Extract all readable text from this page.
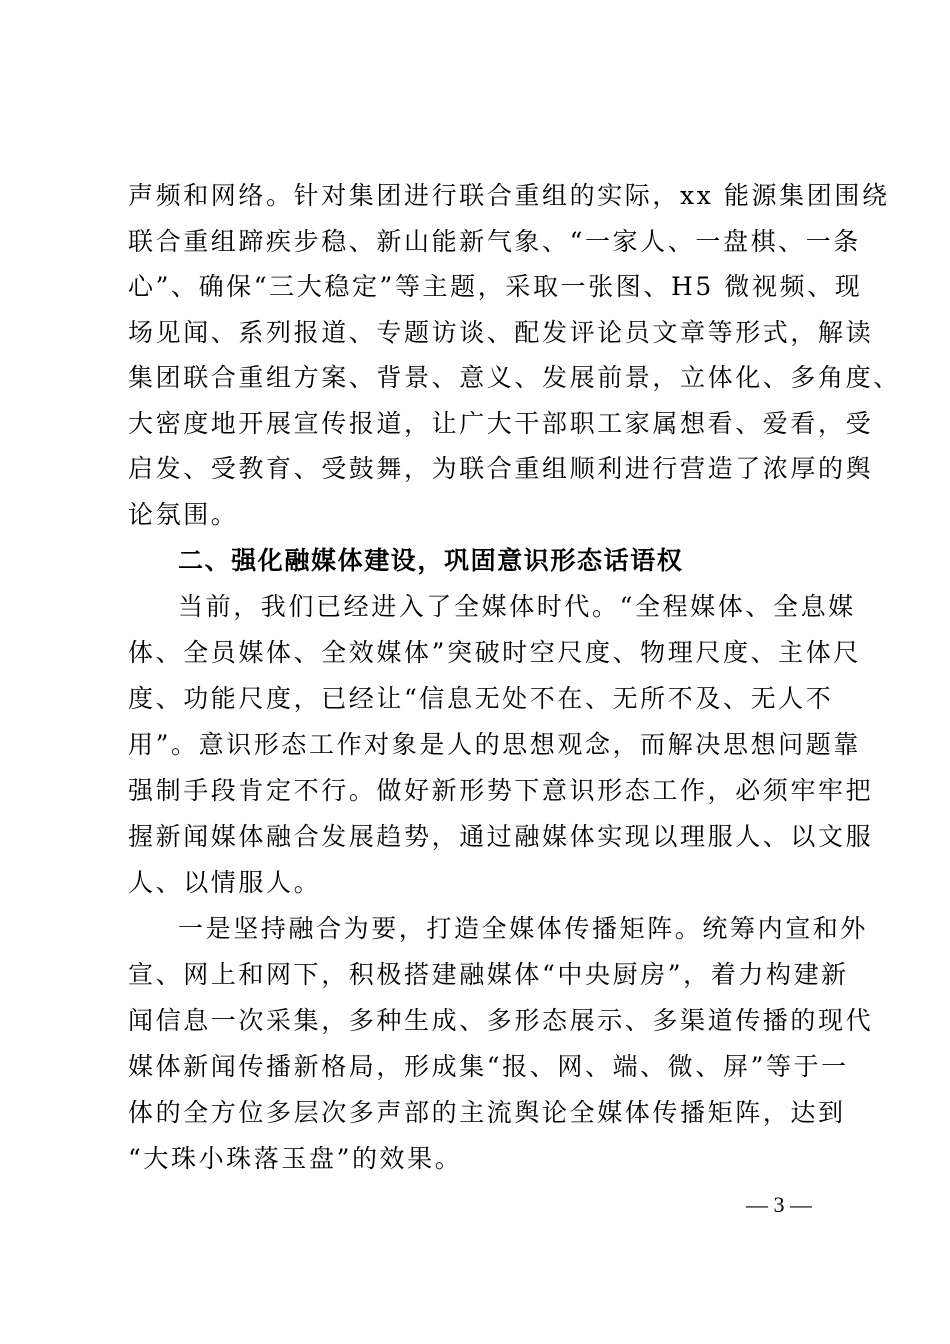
声频和网络。针对集团进行联合重组的实际，xx 能源集团围绕
联合重组蹄疾步稳、新山能新气象、“一家人、一盘棋、一条
心”、确保“三大稳定”等主题，采取一张图、H5 微视频、现
场见闻、系列报道、专题访谈、配发评论员文章等形式，解读
集团联合重组方案、背景、意义、发展前景，立体化、多角度、
大密度地开展宣传报道，让广大干部职工家属想看、爱看，受
启发、受教育、受鼓舞，为联合重组顺利进行营造了浓厚的舆
论氛围。
二、强化融媒体建设，巩固意识形态话语权
当前，我们已经进入了全媒体时代。“全程媒体、全息媒
体、全员媒体、全效媒体”突破时空尺度、物理尺度、主体尺
度、功能尺度，已经让“信息无处不在、无所不及、无人不
用”。意识形态工作对象是人的思想观念，而解决思想问题靠
强制手段肯定不行。做好新形势下意识形态工作，必须牢牢把
握新闻媒体融合发展趋势，通过融媒体实现以理服人、以文服
人、以情服人。
一是坚持融合为要，打造全媒体传播矩阵。统筹内宣和外
宣、网上和网下，积极搭建融媒体“中央厨房”，着力构建新
闻信息一次采集，多种生成、多形态展示、多渠道传播的现代
媒体新闻传播新格局，形成集“报、网、端、微、屏”等于一
体的全方位多层次多声部的主流舆论全媒体传播矩阵，达到
“大珠小珠落玉盘”的效果。
— 3 —
